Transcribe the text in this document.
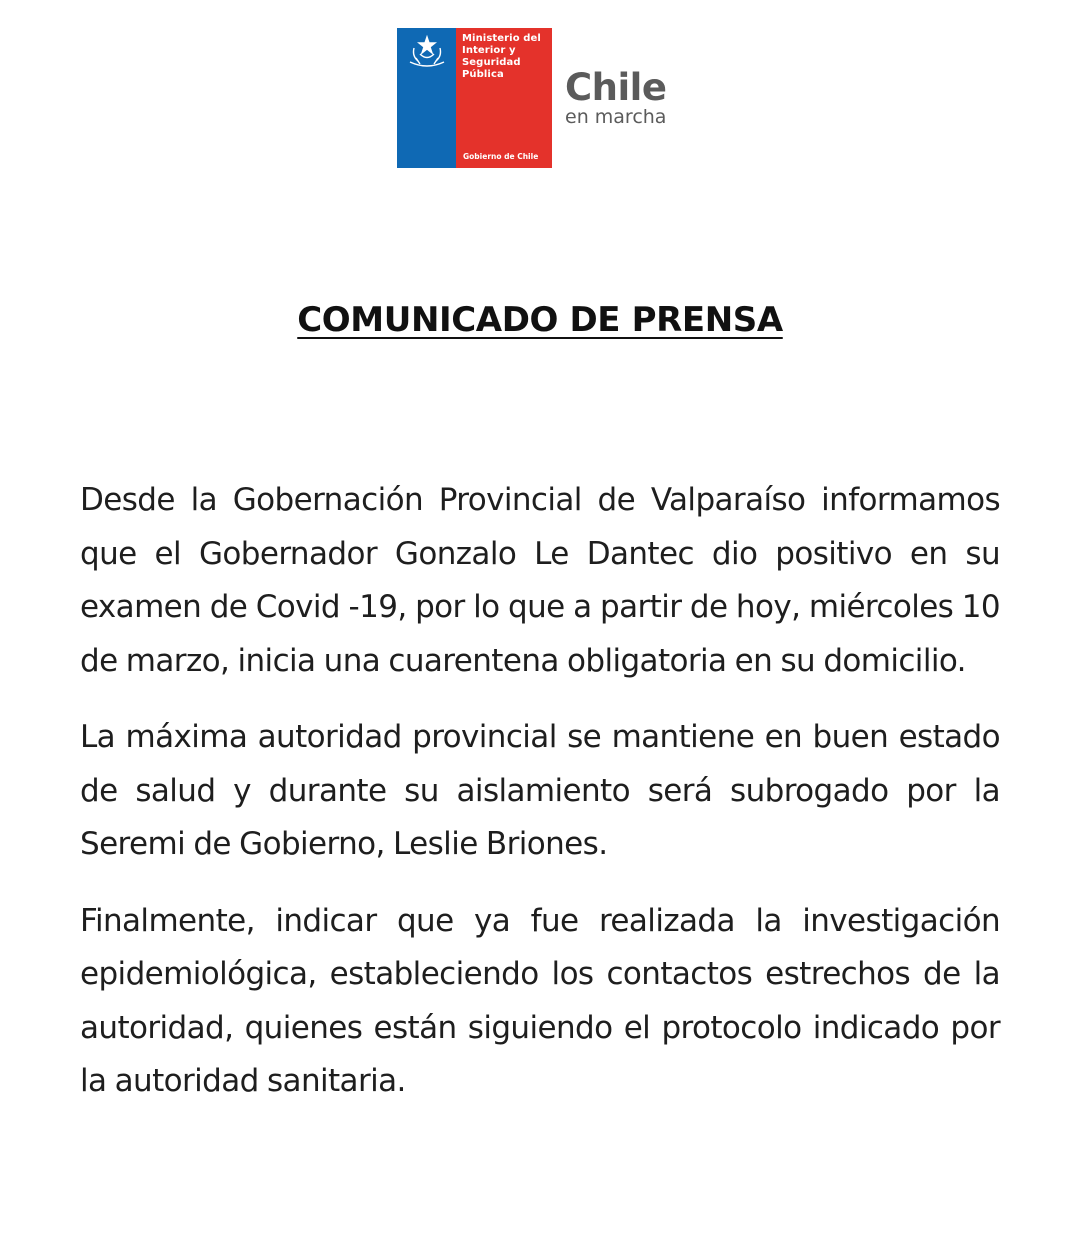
Ministerio del
Interior y
Seguridad
Pública
Gobierno de Chile
Chile
en marcha
COMUNICADO DE PRENSA

Desde la Gobernación Provincial de Valparaíso informamos que el Gobernador Gonzalo Le Dantec dio positivo en su examen de Covid -19, por lo que a partir de hoy, miércoles 10 de marzo, inicia una cuarentena obligatoria en su domicilio.

La máxima autoridad provincial se mantiene en buen estado de salud y durante su aislamiento será subrogado por la Seremi de Gobierno, Leslie Briones.

Finalmente, indicar que ya fue realizada la investigación epidemiológica, estableciendo los contactos estrechos de la autoridad, quienes están siguiendo el protocolo indicado por la autoridad sanitaria.
